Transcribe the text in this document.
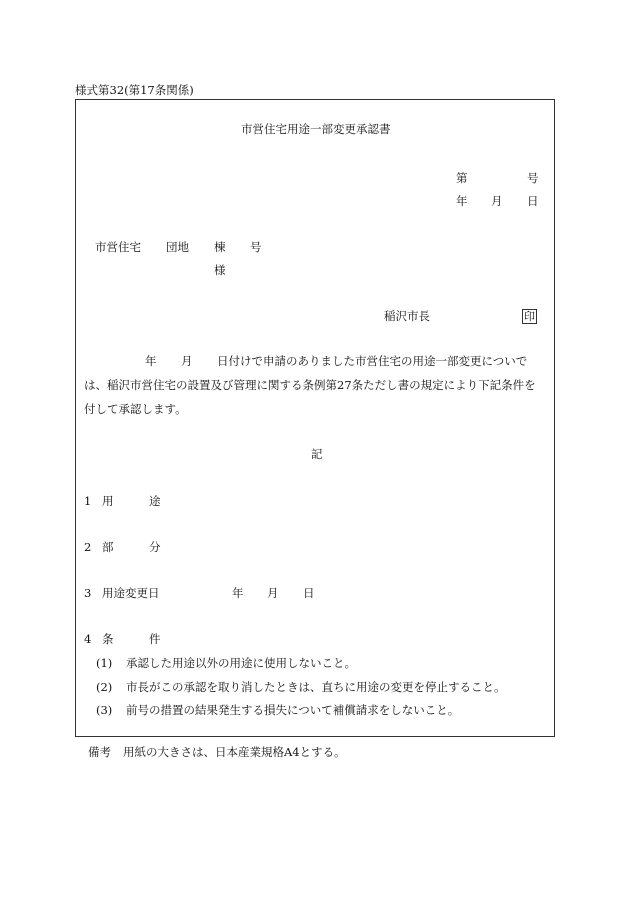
様式第32(第17条関係)
市営住宅用途一部変更承認書
第	号
年 月 日
市営住宅 団地 棟 号
様
稲沢市長	印
年 月 日付けで申請のありました市営住宅の用途一部変更についで
は、稲沢市営住宅の設置及び管理に関する条例第27条ただし書の規定により下記条件を
付して承認します。
記
1 用	途
2 部	分
3 用途変更日	年 月 日
4 条	件
(1) 承認した用途以外の用途に使用しないこと。
(2) 市長がこの承認を取り消したときは、直ちに用途の変更を停止すること。
(3) 前号の措置の結果発生する損失について補償請求をしないこと。
備考 用紙の大きさは、日本産業規格A4とする。
